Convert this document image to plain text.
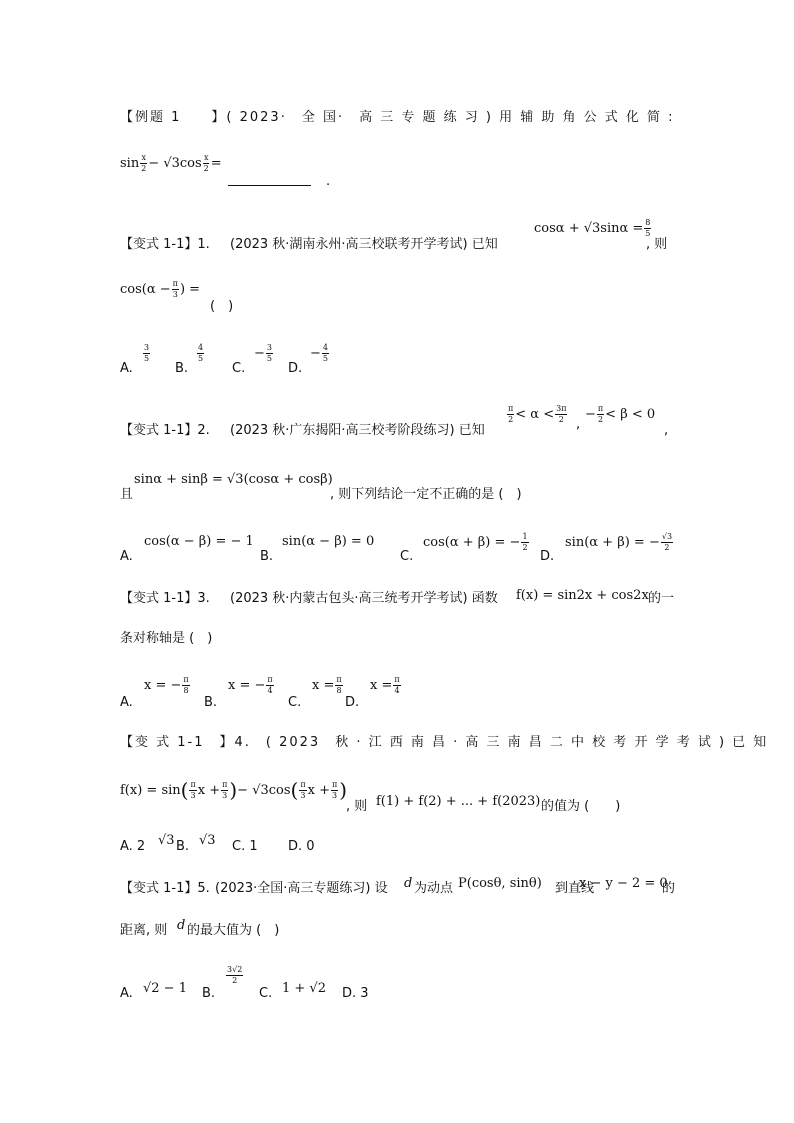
【例题 1　　】( 2023·　全 国·　高 三 专 题 练 习 ) 用 辅 助 角 公 式 化 简 :
sin x
$2 - √3\cos \frac{x}{2}$ =
.
$\cos\alpha + √3\sin\alpha = \frac{8}{5}$
【变式 1-1】1. (2023 秋·湖南永州·高三校联考开学考试) 已知	, 则
$\cos (\alpha - \frac{\pi}{3}$ ) =
(　)
A.
3
5
B.
4
5
C.
− $\frac{3}{5}$
D.
− $\frac{4}{5}$
π
2 < α < 3π
2 ,
− $\frac{\pi}{2} < \beta < 0$
,
【变式 1-1】2. (2023 秋·广东揭阳·高三校考阶段练习) 已知
sinα + sinβ = √3(cosα + cosβ)
且	, 则下列结论一定不正确的是 (　)
A.
cos(α − β) = − 1
B.
sin(α − β) = 0
C.
cos(α + β) = − $\frac{1}{2}$
D.
sin(α + β) = − $\frac{√3}{2}$
【变式 1-1】3. (2023 秋·内蒙古包头·高三统考开学考试) 函数 f(x) = sin2x + cos2x 的一
条对称轴是 (　)
A.
x = − $\frac{\pi}{8}$
B.
x = − $\frac{\pi}{4}$
C.
$x = \frac{\pi}{8}$
D.
$x = \frac{\pi}{4}$
【变 式 1-1　】4.　( 2023　秋 · 江 西 南 昌 · 高 三 南 昌 二 中 校 考 开 学 考 试 ) 已 知
f(x) = sin ( π
3 $x + \frac{\pi}{3}$ ) − √3cos ( π
3 $x + \frac{\pi}{3}$ )
, 则 f(1) + f(2) + ... + f(2023) 的值为 (　　)
A. 2 √3 B. √3 C. 1 D. 0
【变式 1-1】5. (2023·全国·高三专题练习) 设 d 为动点 P(cosθ, sinθ) 到直线
x − y − 2 = 0
的
距离, 则 d 的最大值为 (　)
A. √2 − 1 B.
3√2
2
C. 1 + √2 D. 3
